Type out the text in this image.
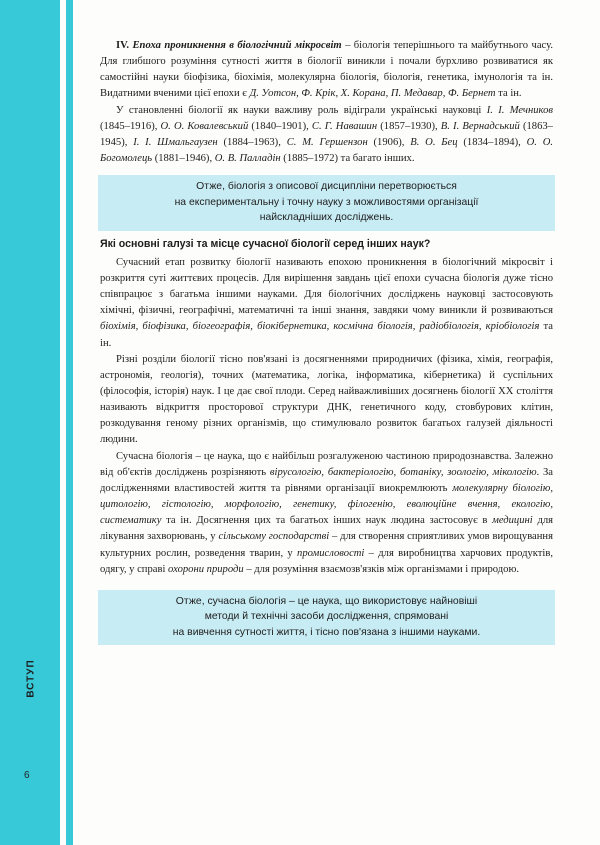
ВСТУП
6

IV. Епоха проникнення в біологічний мікросвіт – біологія теперішнього та майбутнього часу. Для глибшого розуміння сутності життя в біології виникли і почали бурхливо розвиватися як самостійні науки біофізика, біохімія, молекулярна біологія, біологія, генетика, імунологія та ін. Видатними вченими цієї епохи є Д. Уотсон, Ф. Крік, Х. Корана, П. Медавар, Ф. Бернет та ін.

У становленні біології як науки важливу роль відіграли українські науковці І. І. Мечников (1845–1916), О. О. Ковалевський (1840–1901), С. Г. Навашин (1857–1930), В. І. Вернадський (1863–1945), І. І. Шмальгаузен (1884–1963), С. М. Гершензон (1906), В. О. Бец (1834–1894), О. О. Богомолець (1881–1946), О. В. Палладін (1885–1972) та багато інших.

Отже, біологія з описової дисципліни перетворюється
на експериментальну і точну науку з можливостями організації
найскладніших досліджень.
Які основні галузі та місце сучасної біології серед інших наук?

Сучасний етап розвитку біології називають епохою проникнення в біологічний мікросвіт і розкриття суті життєвих процесів. Для вирішення завдань цієї епохи сучасна біологія дуже тісно співпрацює з багатьма іншими науками. Для біологічних досліджень науковці застосовують хімічні, фізичні, географічні, математичні та інші знання, завдяки чому виникли й розвиваються біохімія, біофізика, біогеографія, біокібернетика, космічна біологія, радіобіологія, кріобіологія та ін.

Різні розділи біології тісно пов'язані із досягненнями природничих (фізика, хімія, географія, астрономія, геологія), точних (математика, логіка, інформатика, кібернетика) й суспільних (філософія, історія) наук. І це дає свої плоди. Серед найважливіших досягнень біології XX століття називають відкриття просторової структури ДНК, генетичного коду, стовбурових клітин, розкодування геному різних організмів, що стимулювало розвиток багатьох галузей діяльності людини.

Сучасна біологія – це наука, що є найбільш розгалуженою частиною природознавства. Залежно від об'єктів досліджень розрізняють вірусологію, бактеріологію, ботаніку, зоологію, мікологію. За дослідженнями властивостей життя та рівнями організації виокремлюють молекулярну біологію, цитологію, гістологію, морфологію, генетику, філогенію, еволюційне вчення, екологію, систематику та ін. Досягнення цих та багатьох інших наук людина застосовує в медицині для лікування захворювань, у сільському господарстві – для створення сприятливих умов вирощування культурних рослин, розведення тварин, у промисловості – для виробництва харчових продуктів, одягу, у справі охорони природи – для розуміння взаємозв'язків між організмами і природою.

Отже, сучасна біологія – це наука, що використовує найновіші
методи й технічні засоби дослідження, спрямовані
на вивчення сутності життя, і тісно пов'язана з іншими науками.
